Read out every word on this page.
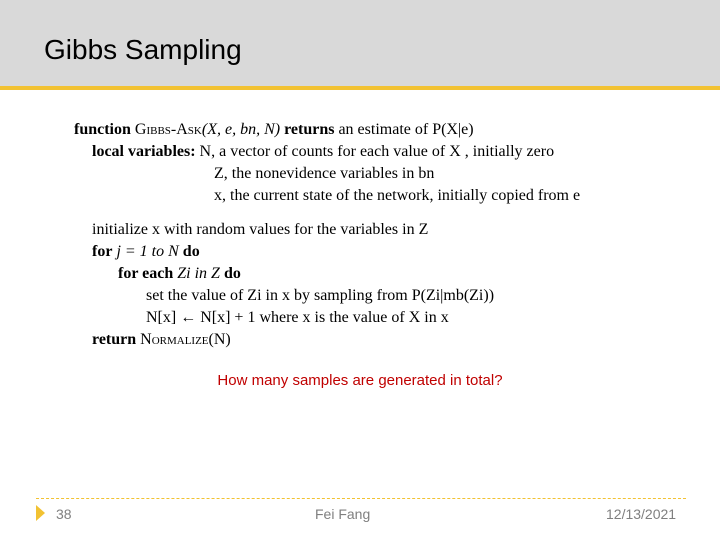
Gibbs Sampling
function Gibbs-Ask(X, e, bn, N) returns an estimate of P(X|e)
local variables: N, a vector of counts for each value of X , initially zero
Z, the nonevidence variables in bn
x, the current state of the network, initially copied from e
initialize x with random values for the variables in Z
for j = 1 to N do
for each Zi in Z do
set the value of Zi in x by sampling from P(Zi|mb(Zi))
N[x] ← N[x] + 1 where x is the value of X in x
return Normalize(N)
How many samples are generated in total?
38	Fei Fang	12/13/2021
